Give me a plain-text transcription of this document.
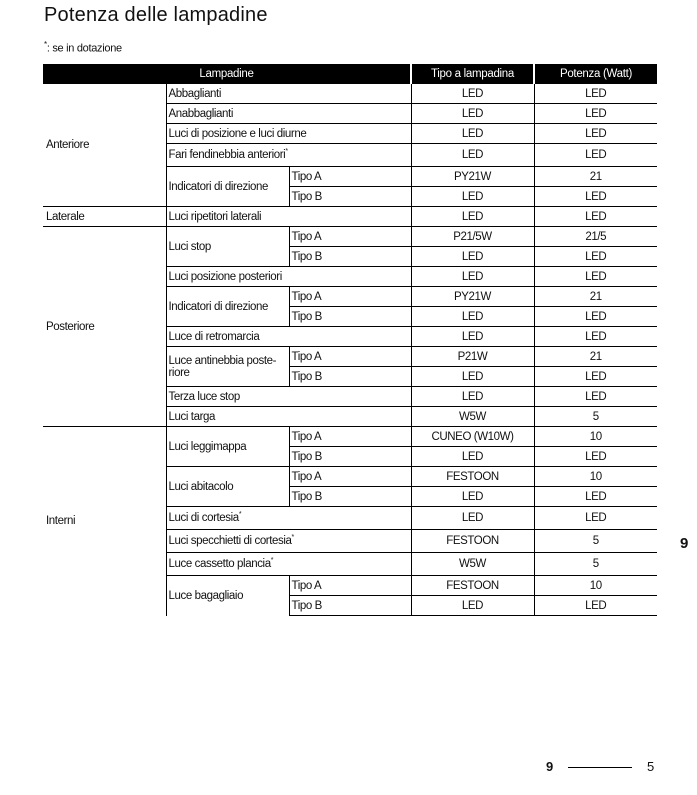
Potenza delle lampadine
*: se in dotazione
Lampadine			Tipo a lampadina	Potenza (Watt)
Anteriore	Abbaglianti		LED	LED
	Anabbaglianti		LED	LED
	Luci di posizione e luci diurne		LED	LED
	Fari fendinebbia anteriori*		LED	LED
	Indicatori di direzione	Tipo A	PY21W	21
		Tipo B	LED	LED
Laterale	Luci ripetitori laterali		LED	LED
Posteriore	Luci stop	Tipo A	P21/5W	21/5
		Tipo B	LED	LED
	Luci posizione posteriori		LED	LED
	Indicatori di direzione	Tipo A	PY21W	21
		Tipo B	LED	LED
	Luce di retromarcia		LED	LED
	Luce antinebbia poste-riore	Tipo A	P21W	21
		Tipo B	LED	LED
	Terza luce stop		LED	LED
	Luci targa		W5W	5
Interni	Luci leggimappa	Tipo A	CUNEO (W10W)	10
		Tipo B	LED	LED
	Luci abitacolo	Tipo A	FESTOON	10
		Tipo B	LED	LED
	Luci di cortesia*		LED	LED
	Luci specchietti di cortesia*		FESTOON	5
	Luce cassetto plancia*		W5W	5
	Luce bagagliaio	Tipo A	FESTOON	10
		Tipo B	LED	LED
9
9	5
